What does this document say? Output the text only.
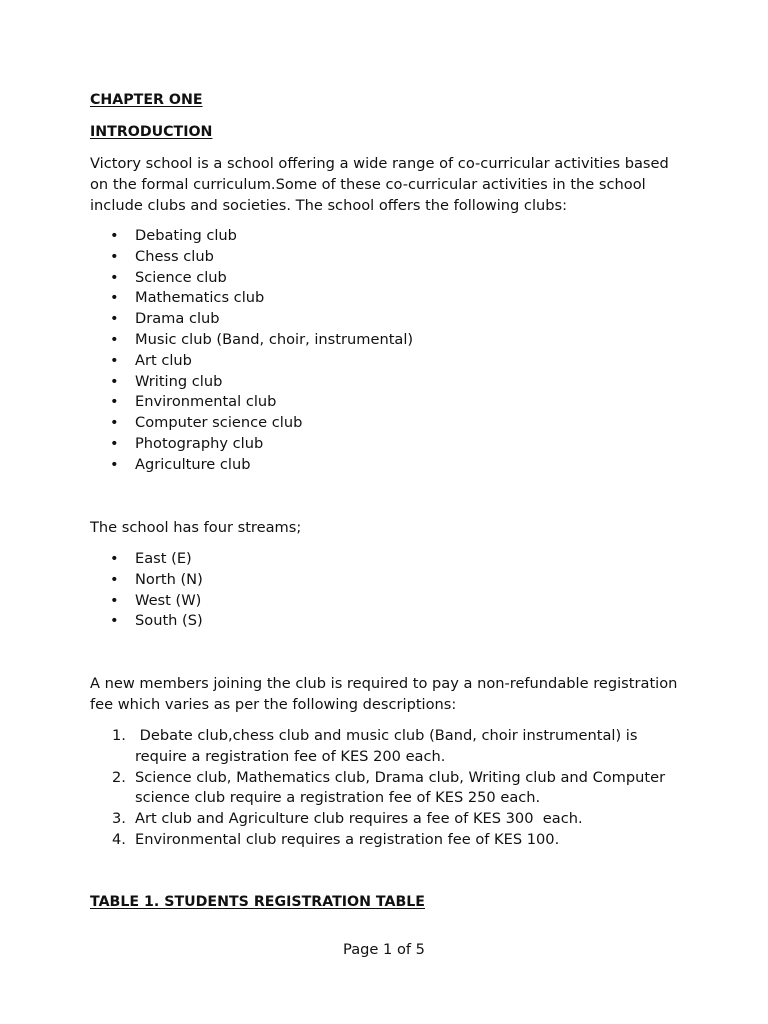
CHAPTER ONE
INTRODUCTION

Victory school is a school offering a wide range of co-curricular activities based on the formal curriculum.Some of these co-curricular activities in the school include clubs and societies. The school offers the following clubs:

• Debating club
• Chess club
• Science club
• Mathematics club
• Drama club
• Music club (Band, choir, instrumental)
• Art club
• Writing club
• Environmental club
• Computer science club
• Photography club
• Agriculture club

The school has four streams;

• East (E)
• North (N)
• West (W)
• South (S)

A new members joining the club is required to pay a non-refundable registration fee which varies as per the following descriptions:

1. Debate club,chess club and music club (Band, choir instrumental) is require a registration fee of KES 200 each.
2. Science club, Mathematics club, Drama club, Writing club and Computer science club require a registration fee of KES 250 each.
3. Art club and Agriculture club requires a fee of KES 300  each.
4. Environmental club requires a registration fee of KES 100.
TABLE 1. STUDENTS REGISTRATION TABLE
Page 1 of 5
